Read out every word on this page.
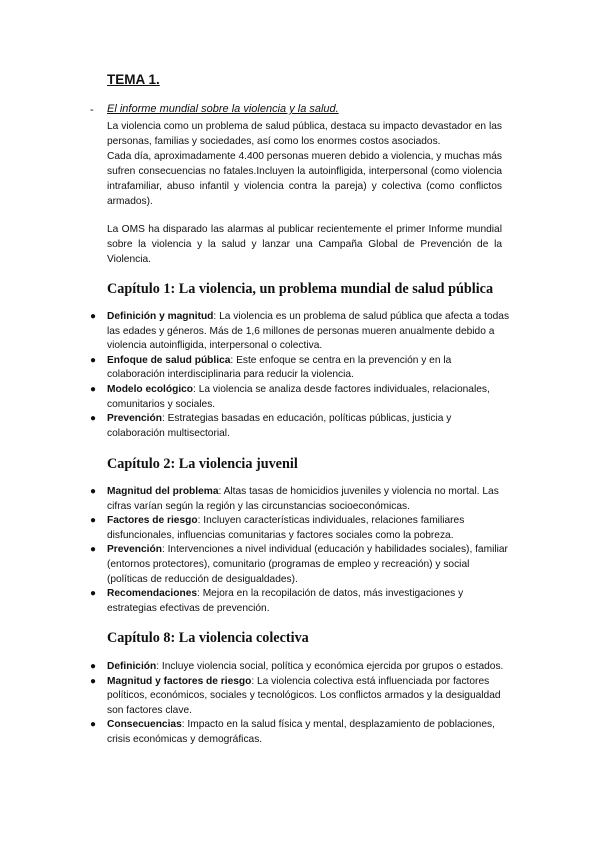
TEMA 1.
- El informe mundial sobre la violencia y la salud.

La violencia como un problema de salud pública, destaca su impacto devastador en las personas, familias y sociedades, así como los enormes costos asociados.

Cada día, aproximadamente 4.400 personas mueren debido a violencia, y muchas más sufren consecuencias no fatales.Incluyen la autoinfligida, interpersonal (como violencia intrafamiliar, abuso infantil y violencia contra la pareja) y colectiva (como conflictos armados).

La OMS ha disparado las alarmas al publicar recientemente el primer Informe mundial sobre la violencia y la salud y lanzar una Campaña Global de Prevención de la Violencia.

Capítulo 1: La violencia, un problema mundial de salud pública
● Definición y magnitud: La violencia es un problema de salud pública que afecta a todas las edades y géneros. Más de 1,6 millones de personas mueren anualmente debido a violencia autoinfligida, interpersonal o colectiva.
● Enfoque de salud pública: Este enfoque se centra en la prevención y en la colaboración interdisciplinaria para reducir la violencia.
● Modelo ecológico: La violencia se analiza desde factores individuales, relacionales, comunitarios y sociales.
● Prevención: Estrategias basadas en educación, políticas públicas, justicia y colaboración multisectorial.
Capítulo 2: La violencia juvenil
● Magnitud del problema: Altas tasas de homicidios juveniles y violencia no mortal. Las cifras varían según la región y las circunstancias socioeconómicas.
● Factores de riesgo: Incluyen características individuales, relaciones familiares disfuncionales, influencias comunitarias y factores sociales como la pobreza.
● Prevención: Intervenciones a nivel individual (educación y habilidades sociales), familiar (entornos protectores), comunitario (programas de empleo y recreación) y social (políticas de reducción de desigualdades).
● Recomendaciones: Mejora en la recopilación de datos, más investigaciones y estrategias efectivas de prevención.
Capítulo 8: La violencia colectiva
● Definición: Incluye violencia social, política y económica ejercida por grupos o estados.
● Magnitud y factores de riesgo: La violencia colectiva está influenciada por factores políticos, económicos, sociales y tecnológicos. Los conflictos armados y la desigualdad son factores clave.
● Consecuencias: Impacto en la salud física y mental, desplazamiento de poblaciones, crisis económicas y demográficas.
